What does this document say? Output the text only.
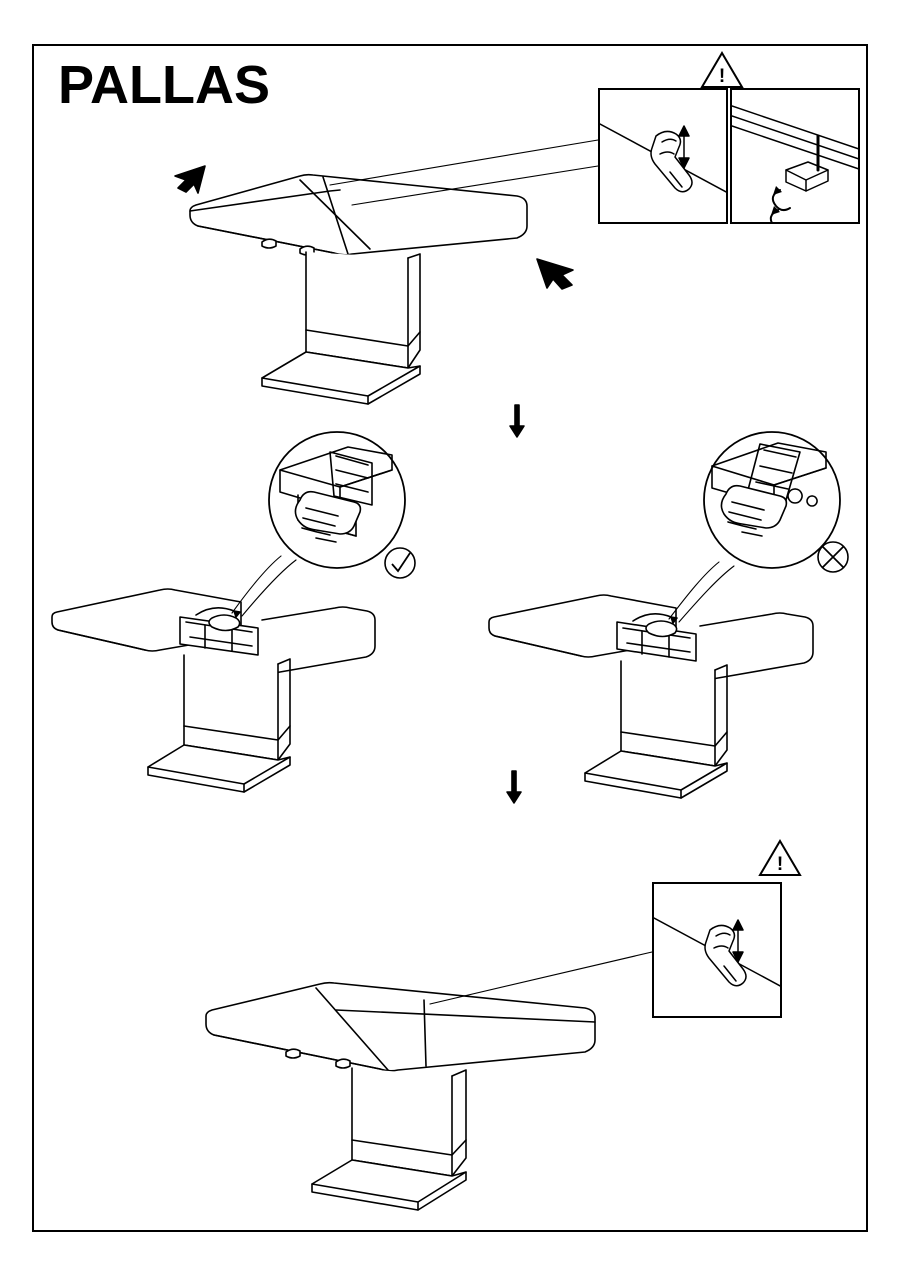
PALLAS	!
!
